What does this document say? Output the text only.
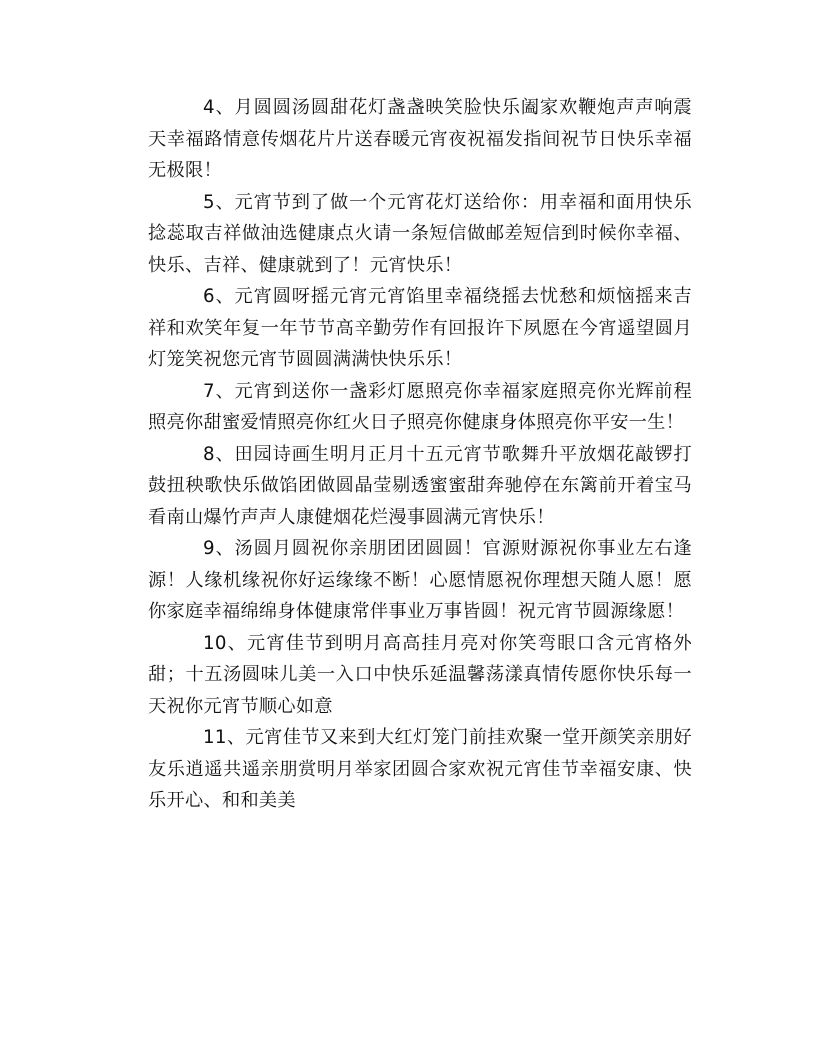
4、月圆圆汤圆甜花灯盏盏映笑脸快乐阖家欢鞭炮声声响震天幸福路情意传烟花片片送春暖元宵夜祝福发指间祝节日快乐幸福无极限！

5、元宵节到了做一个元宵花灯送给你：用幸福和面用快乐捻蕊取吉祥做油选健康点火请一条短信做邮差短信到时候你幸福、快乐、吉祥、健康就到了！元宵快乐！

6、元宵圆呀摇元宵元宵馅里幸福绕摇去忧愁和烦恼摇来吉祥和欢笑年复一年节节高辛勤劳作有回报许下夙愿在今宵遥望圆月灯笼笑祝您元宵节圆圆满满快快乐乐！

7、元宵到送你一盏彩灯愿照亮你幸福家庭照亮你光辉前程照亮你甜蜜爱情照亮你红火日子照亮你健康身体照亮你平安一生！

8、田园诗画生明月正月十五元宵节歌舞升平放烟花敲锣打鼓扭秧歌快乐做馅团做圆晶莹剔透蜜蜜甜奔驰停在东篱前开着宝马看南山爆竹声声人康健烟花烂漫事圆满元宵快乐！

9、汤圆月圆祝你亲朋团团圆圆！官源财源祝你事业左右逢源！人缘机缘祝你好运缘缘不断！心愿情愿祝你理想天随人愿！愿你家庭幸福绵绵身体健康常伴事业万事皆圆！祝元宵节圆源缘愿！

10、元宵佳节到明月高高挂月亮对你笑弯眼口含元宵格外甜；十五汤圆味儿美一入口中快乐延温馨荡漾真情传愿你快乐每一天祝你元宵节顺心如意

11、元宵佳节又来到大红灯笼门前挂欢聚一堂开颜笑亲朋好友乐逍遥共遥亲朋赏明月举家团圆合家欢祝元宵佳节幸福安康、快乐开心、和和美美
